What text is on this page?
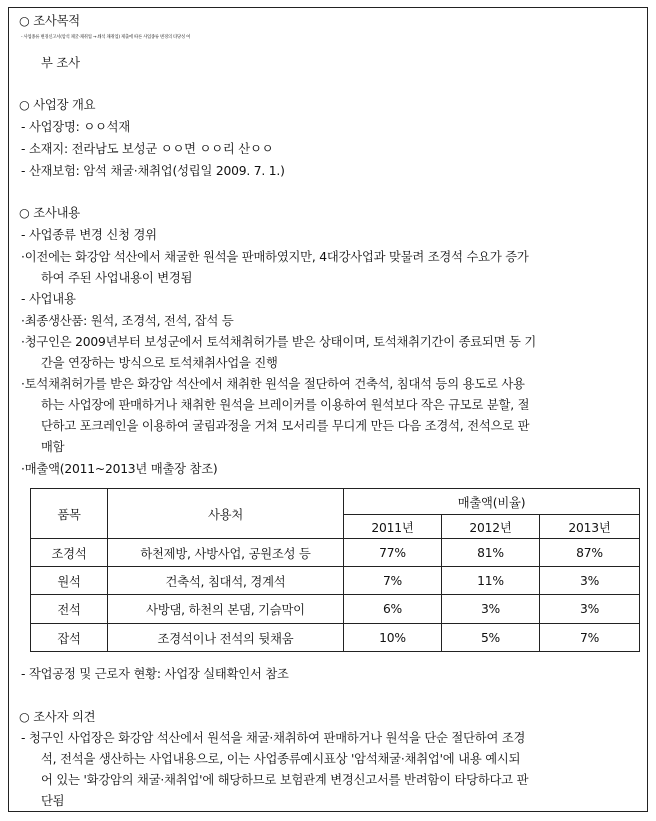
○ 조사목적
- 사업종류 변경신고서(암석 채굴·채취업 → 쇄석 채취업) 제출에 따른 사업종류 변경의 타당성 여
부 조사
○ 사업장 개요
- 사업장명: ㅇㅇ석재
- 소재지: 전라남도 보성군 ㅇㅇ면 ㅇㅇ리 산ㅇㅇ
- 산재보험: 암석 채굴·채취업(성립일 2009. 7. 1.)
○ 조사내용
- 사업종류 변경 신청 경위
·이전에는 화강암 석산에서 채굴한 원석을 판매하였지만, 4대강사업과 맞물려 조경석 수요가 증가
하여 주된 사업내용이 변경됨
- 사업내용
·최종생산품: 원석, 조경석, 전석, 잡석 등
·청구인은 2009년부터 보성군에서 토석채취허가를 받은 상태이며, 토석채취기간이 종료되면 동 기
간을 연장하는 방식으로 토석채취사업을 진행
·토석채취허가를 받은 화강암 석산에서 채취한 원석을 절단하여 건축석, 침대석 등의 용도로 사용
하는 사업장에 판매하거나 채취한 원석을 브레이커를 이용하여 원석보다 작은 규모로 분할, 절
단하고 포크레인을 이용하여 굴림과정을 거쳐 모서리를 무디게 만든 다음 조경석, 전석으로 판
매함
·매출액(2011~2013년 매출장 참조)
품목	사용처	매출액(비율)		
		2011년	2012년	2013년
조경석	하천제방, 사방사업, 공원조성 등	77%	81%	87%
원석	건축석, 침대석, 경계석	7%	11%	3%
전석	사방댐, 하천의 본댐, 기슭막이	6%	3%	3%
잡석	조경석이나 전석의 뒷채움	10%	5%	7%
- 작업공정 및 근로자 현황: 사업장 실태확인서 참조
○ 조사자 의견
- 청구인 사업장은 화강암 석산에서 원석을 채굴·채취하여 판매하거나 원석을 단순 절단하여 조경
석, 전석을 생산하는 사업내용으로, 이는 사업종류예시표상 '암석채굴·채취업'에 내용 예시되
어 있는 '화강암의 채굴·채취업'에 해당하므로 보험관계 변경신고서를 반려함이 타당하다고 판
단됨
